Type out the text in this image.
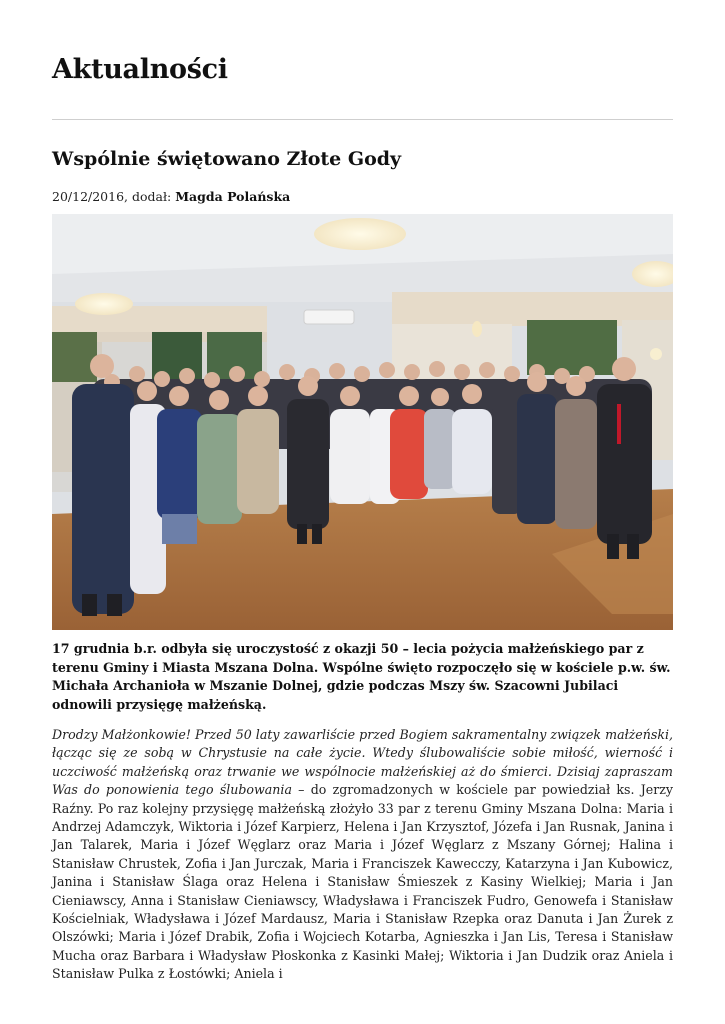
Aktualności
Wspólnie świętowano Złote Gody
20/12/2016, dodał: Magda Polańska

17 grudnia b.r. odbyła się uroczystość z okazji 50 – lecia pożycia małżeńskiego par z terenu Gminy i Miasta Mszana Dolna. Wspólne święto rozpoczęło się w kościele p.w. św. Michała Archanioła w Mszanie Dolnej, gdzie podczas Mszy św. Szacowni Jubilaci odnowili przysięgę małżeńską.

Drodzy Małżonkowie! Przed 50 laty zawarliście przed Bogiem sakramentalny związek małżeński, łącząc się ze sobą w Chrystusie na całe życie. Wtedy ślubowaliście sobie miłość, wierność i uczciwość małżeńską oraz trwanie we wspólnocie małżeńskiej aż do śmierci. Dzisiaj zapraszam Was do ponowienia tego ślubowania – do zgromadzonych w kościele par powiedział ks. Jerzy Raźny. Po raz kolejny przysięgę małżeńską złożyło 33 par z terenu Gminy Mszana Dolna: Maria i Andrzej Adamczyk, Wiktoria i Józef Karpierz, Helena i Jan Krzysztof, Józefa i Jan Rusnak, Janina i Jan Talarek, Maria i Józef Węglarz oraz Maria i Józef Węglarz z Mszany Górnej; Halina i Stanisław Chrustek, Zofia i Jan Jurczak, Maria i Franciszek Kawecczy, Katarzyna i Jan Kubowicz, Janina i Stanisław Ślaga oraz Helena i Stanisław Śmieszek z Kasiny Wielkiej; Maria i Jan Cieniawscy, Anna i Stanisław Cieniawscy, Władysława i Franciszek Fudro, Genowefa i Stanisław Kościelniak, Władysława i Józef Mardausz, Maria i Stanisław Rzepka oraz Danuta i Jan Żurek z Olszówki; Maria i Józef Drabik, Zofia i Wojciech Kotarba, Agnieszka i Jan Lis, Teresa i Stanisław Mucha oraz Barbara i Władysław Płoskonka z Kasinki Małej; Wiktoria i Jan Dudzik oraz Aniela i Stanisław Pulka z Łostówki; Aniela i
